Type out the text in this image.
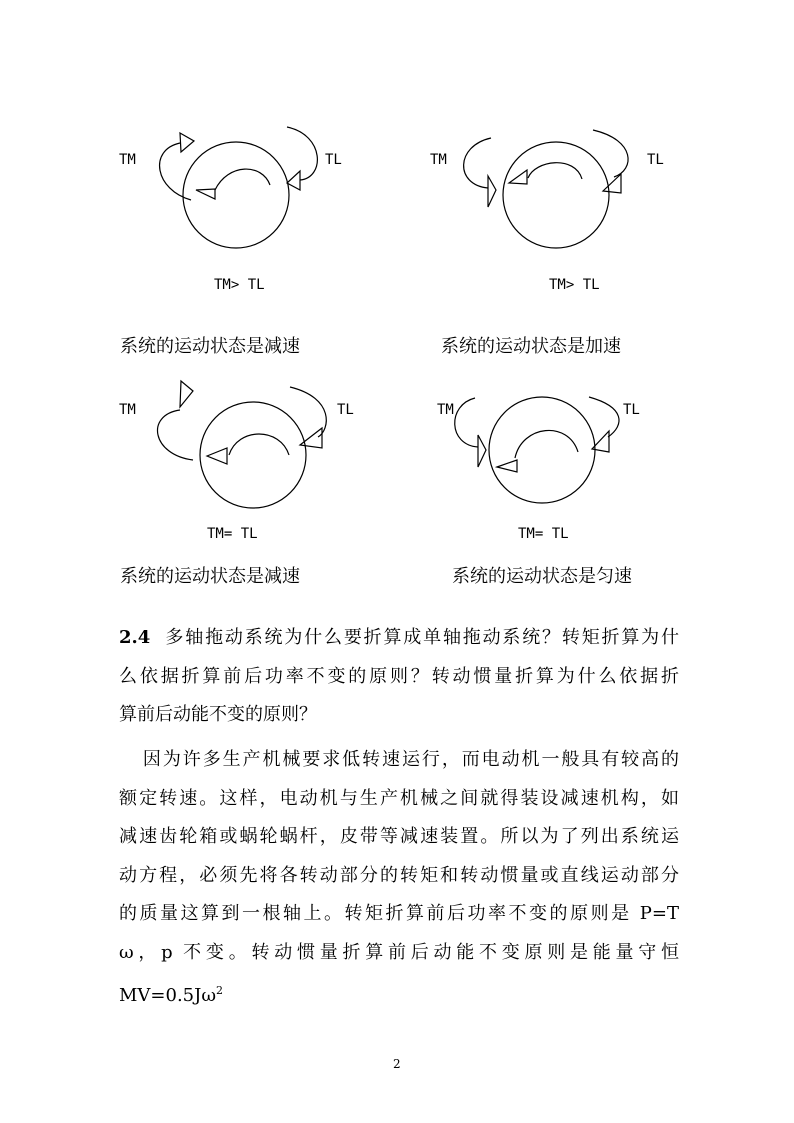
TM	TL
TM> TL
系统的运动状态是减速
TM	TL
TM> TL
系统的运动状态是加速
TM	TL
TM= TL
系统的运动状态是减速
TM	TL
TM= TL
系统的运动状态是匀速
2.4 多轴拖动系统为什么要折算成单轴拖动系统？转矩折算为什
么依据折算前后功率不变的原则？转动惯量折算为什么依据折
算前后动能不变的原则？
因为许多生产机械要求低转速运行，而电动机一般具有较高的
额定转速。这样，电动机与生产机械之间就得装设减速机构，如
减速齿轮箱或蜗轮蜗杆，皮带等减速装置。所以为了列出系统运
动方程，必须先将各转动部分的转矩和转动惯量或直线运动部分
的质量这算到一根轴上。转矩折算前后功率不变的原则是 P=T
ω，p 不变。转动惯量折算前后动能不变原则是能量守恒
$MV=0.5J\omega^2$
2
